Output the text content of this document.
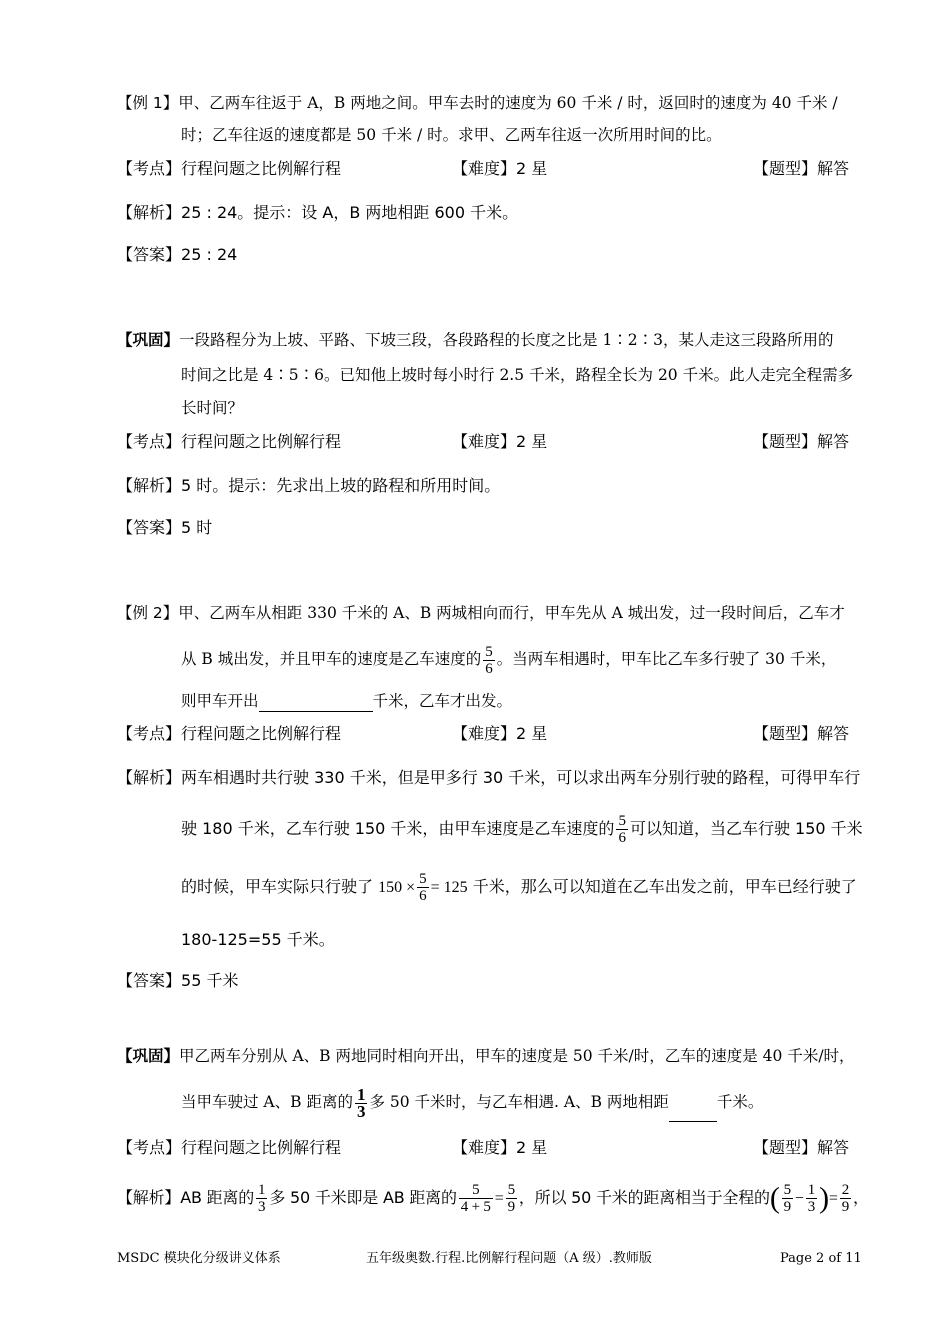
【例 1】甲、乙两车往返于 A，B 两地之间。甲车去时的速度为 60 千米 / 时，返回时的速度为 40 千米 /
时；乙车往返的速度都是 50 千米 / 时。求甲、乙两车往返一次所用时间的比。
【考点】行程问题之比例解行程	【难度】2 星	【题型】解答
【解析】25 : 24。提示：设 A，B 两地相距 600 千米。
【答案】25 : 24
【巩固】一段路程分为上坡、平路、下坡三段，各段路程的长度之比是 1∶2∶3，某人走这三段路所用的
时间之比是 4∶5∶6。已知他上坡时每小时行 2.5 千米，路程全长为 20 千米。此人走完全程需多
长时间？
【考点】行程问题之比例解行程	【难度】2 星	【题型】解答
【解析】5 时。提示：先求出上坡的路程和所用时间。
【答案】5 时
【例 2】甲、乙两车从相距 330 千米的 A、B 两城相向而行，甲车先从 A 城出发，过一段时间后，乙车才
从 B 城出发，并且甲车的速度是乙车速度的 $\frac{5}{6}$ 。当两车相遇时，甲车比乙车多行驶了 30 千米，
则甲车开出	千米，乙车才出发。
【考点】行程问题之比例解行程	【难度】2 星	【题型】解答
【解析】两车相遇时共行驶 330 千米，但是甲多行 30 千米，可以求出两车分别行驶的路程，可得甲车行
驶 180 千米，乙车行驶 150 千米，由甲车速度是乙车速度的 $\frac{5}{6}$ 可以知道，当乙车行驶 150 千米
的时候，甲车实际只行驶了 $150 \times \frac{5}{6} = 125$ 千米，那么可以知道在乙车出发之前，甲车已经行驶了
180-125=55 千米。
【答案】55 千米
【巩固】甲乙两车分别从 A、B 两地同时相向开出，甲车的速度是 50 千米/时，乙车的速度是 40 千米/时，
当甲车驶过 A、B 距离的 $\frac{1}{3}$ 多 50 千米时，与乙车相遇. A、B 两地相距	千米。
【考点】行程问题之比例解行程	【难度】2 星	【题型】解答
【解析】AB 距离的 $\frac{1}{3}$ 多 50 千米即是 AB 距离的 $\frac{5}{4 + 5} = \frac{5}{9}$ ，所以 50 千米的距离相当于全程的( $\frac{5}{9} - \frac{1}{3}$ )= $\frac{2}{9}$ ，
MSDC 模块化分级讲义体系	五年级奥数.行程.比例解行程问题（A 级）.教师版	Page 2 of 11
